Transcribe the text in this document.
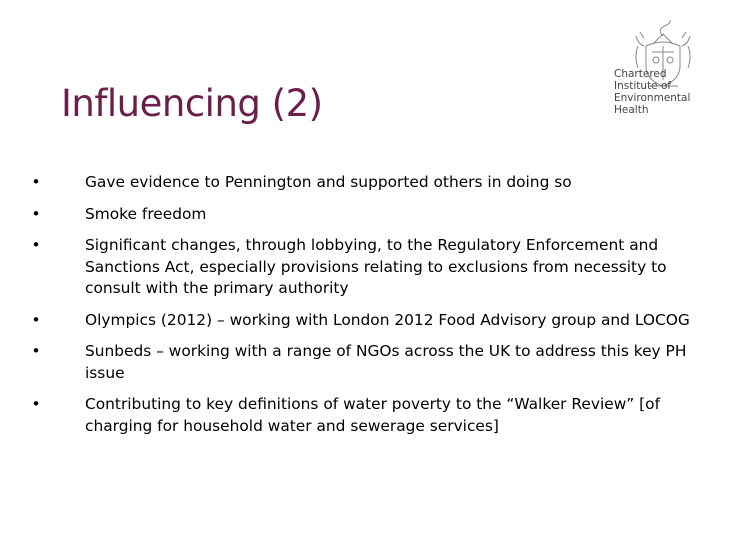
Influencing (2)
Chartered
Institute of
Environmental
Health
•	Gave evidence to Pennington and supported others in doing so
•	Smoke freedom
•	Significant changes, through lobbying, to the Regulatory Enforcement and Sanctions Act, especially provisions relating to exclusions from necessity to consult with the primary authority
•	Olympics (2012) – working with London 2012 Food Advisory group and LOCOG
•	Sunbeds – working with a range of NGOs across the UK to address this key PH issue
•	Contributing to key definitions of water poverty to the “Walker Review” [of charging for household water and sewerage services]
